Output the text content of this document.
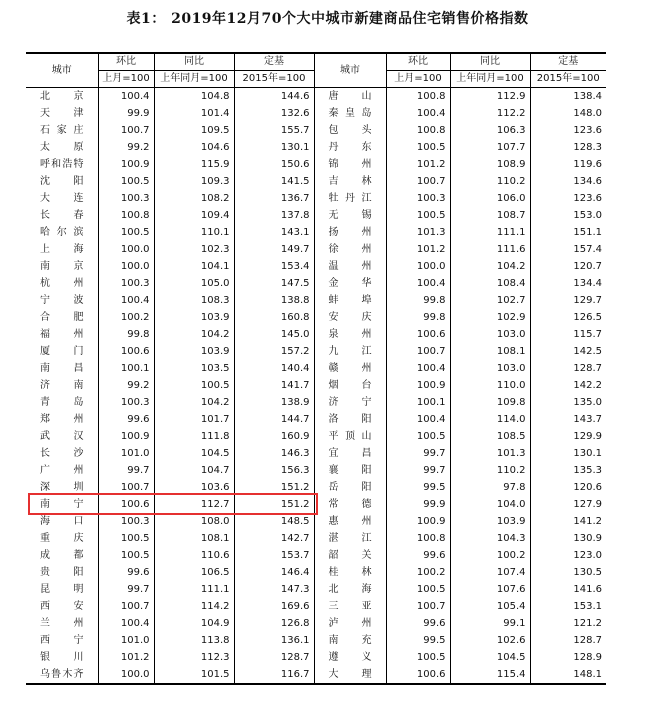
表1： 2019年12月70个大中城市新建商品住宅销售价格指数
城市	环比	同比	定基	城市	环比	同比	定基
	上月=100	上年同月=100	2015年=100		上月=100	上年同月=100	2015年=100
北京	100.4	104.8	144.6	唐山	100.8	112.9	138.4
天津	99.9	101.4	132.6	秦皇岛	100.4	112.2	148.0
石家庄	100.7	109.5	155.7	包头	100.8	106.3	123.6
太原	99.2	104.6	130.1	丹东	100.5	107.7	128.3
呼和浩特	100.9	115.9	150.6	锦州	101.2	108.9	119.6
沈阳	100.5	109.3	141.5	吉林	100.7	110.2	134.6
大连	100.3	108.2	136.7	牡丹江	100.3	106.0	123.6
长春	100.8	109.4	137.8	无锡	100.5	108.7	153.0
哈尔滨	100.5	110.1	143.1	扬州	101.3	111.1	151.1
上海	100.0	102.3	149.7	徐州	101.2	111.6	157.4
南京	100.0	104.1	153.4	温州	100.0	104.2	120.7
杭州	100.3	105.0	147.5	金华	100.4	108.4	134.4
宁波	100.4	108.3	138.8	蚌埠	99.8	102.7	129.7
合肥	100.2	103.9	160.8	安庆	99.8	102.9	126.5
福州	99.8	104.2	145.0	泉州	100.6	103.0	115.7
厦门	100.6	103.9	157.2	九江	100.7	108.1	142.5
南昌	100.1	103.5	140.4	赣州	100.4	103.0	128.7
济南	99.2	100.5	141.7	烟台	100.9	110.0	142.2
青岛	100.3	104.2	138.9	济宁	100.1	109.8	135.0
郑州	99.6	101.7	144.7	洛阳	100.4	114.0	143.7
武汉	100.9	111.8	160.9	平顶山	100.5	108.5	129.9
长沙	101.0	104.5	146.3	宜昌	99.7	101.3	130.1
广州	99.7	104.7	156.3	襄阳	99.7	110.2	135.3
深圳	100.7	103.6	151.2	岳阳	99.5	97.8	120.6
南宁	100.6	112.7	151.2	常德	99.9	104.0	127.9
海口	100.3	108.0	148.5	惠州	100.9	103.9	141.2
重庆	100.5	108.1	142.7	湛江	100.8	104.3	130.9
成都	100.5	110.6	153.7	韶关	99.6	100.2	123.0
贵阳	99.6	106.5	146.4	桂林	100.2	107.4	130.5
昆明	99.7	111.1	147.3	北海	100.5	107.6	141.6
西安	100.7	114.2	169.6	三亚	100.7	105.4	153.1
兰州	100.4	104.9	126.8	泸州	99.6	99.1	121.2
西宁	101.0	113.8	136.1	南充	99.5	102.6	128.7
银川	101.2	112.3	128.7	遵义	100.5	104.5	128.9
乌鲁木齐	100.0	101.5	116.7	大理	100.6	115.4	148.1
